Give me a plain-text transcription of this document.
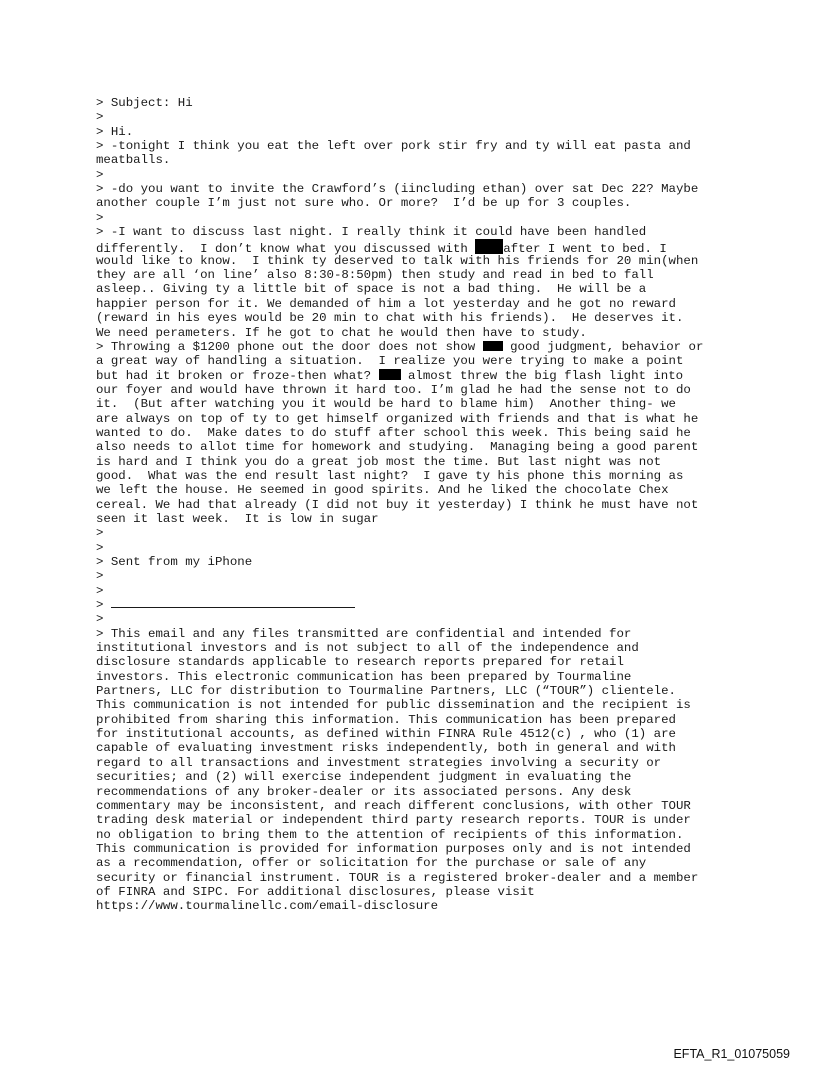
> Subject: Hi

>

> Hi.

> -tonight I think you eat the left over pork stir fry and ty will eat pasta and

meatballs.

>

> -do you want to invite the Crawford’s (iincluding ethan) over sat Dec 22? Maybe

another couple I’m just not sure who. Or more?  I’d be up for 3 couples.

>

> -I want to discuss last night. I really think it could have been handled

differently.  I don’t know what you discussed with after I went to bed. I

would like to know.  I think ty deserved to talk with his friends for 20 min(when

they are all ‘on line’ also 8:30-8:50pm) then study and read in bed to fall

asleep.. Giving ty a little bit of space is not a bad thing.  He will be a

happier person for it. We demanded of him a lot yesterday and he got no reward

(reward in his eyes would be 20 min to chat with his friends).  He deserves it.

We need perameters. If he got to chat he would then have to study.

> Throwing a $1200 phone out the door does not show  good judgment, behavior or

a great way of handling a situation.  I realize you were trying to make a point

but had it broken or froze-then what?  almost threw the big flash light into

our foyer and would have thrown it hard too. I’m glad he had the sense not to do

it.  (But after watching you it would be hard to blame him)  Another thing- we

are always on top of ty to get himself organized with friends and that is what he

wanted to do.  Make dates to do stuff after school this week. This being said he

also needs to allot time for homework and studying.  Managing being a good parent

is hard and I think you do a great job most the time. But last night was not

good.  What was the end result last night?  I gave ty his phone this morning as

we left the house. He seemed in good spirits. And he liked the chocolate Chex

cereal. We had that already (I did not buy it yesterday) I think he must have not

seen it last week.  It is low in sugar

>

>

> Sent from my iPhone

>

>

>

>

> This email and any files transmitted are confidential and intended for

institutional investors and is not subject to all of the independence and

disclosure standards applicable to research reports prepared for retail

investors. This electronic communication has been prepared by Tourmaline

Partners, LLC for distribution to Tourmaline Partners, LLC (“TOUR”) clientele.

This communication is not intended for public dissemination and the recipient is

prohibited from sharing this information. This communication has been prepared

for institutional accounts, as defined within FINRA Rule 4512(c) , who (1) are

capable of evaluating investment risks independently, both in general and with

regard to all transactions and investment strategies involving a security or

securities; and (2) will exercise independent judgment in evaluating the

recommendations of any broker-dealer or its associated persons. Any desk

commentary may be inconsistent, and reach different conclusions, with other TOUR

trading desk material or independent third party research reports. TOUR is under

no obligation to bring them to the attention of recipients of this information.

This communication is provided for information purposes only and is not intended

as a recommendation, offer or solicitation for the purchase or sale of any

security or financial instrument. TOUR is a registered broker-dealer and a member

of FINRA and SIPC. For additional disclosures, please visit

https://www.tourmalinellc.com/email-disclosure

EFTA_R1_01075059
